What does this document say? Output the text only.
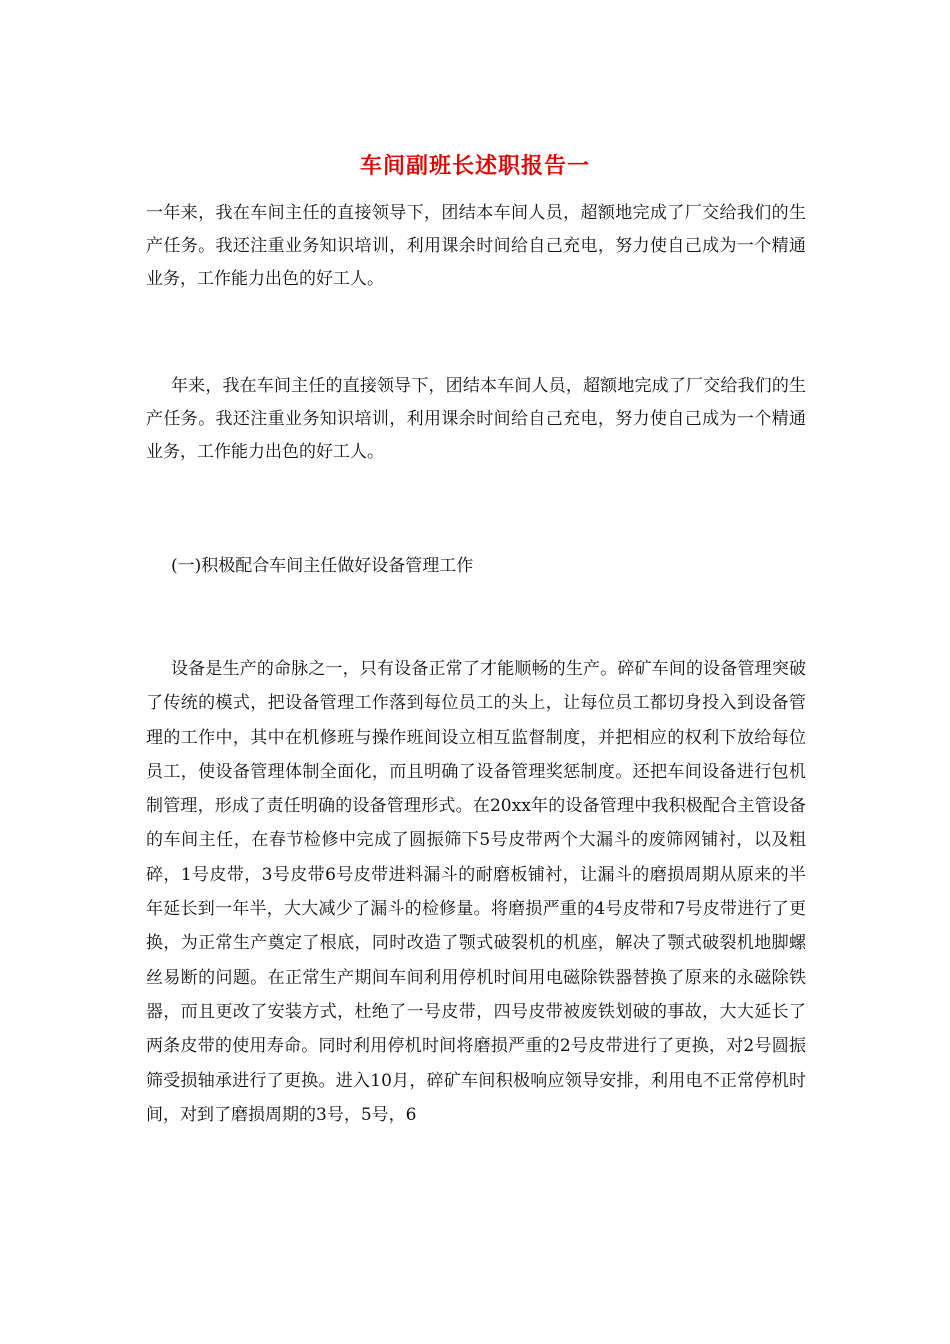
车间副班长述职报告一

一年来，我在车间主任的直接领导下，团结本车间人员，超额地完成了厂交给我们的生产任务。我还注重业务知识培训，利用课余时间给自己充电，努力使自己成为一个精通业务，工作能力出色的好工人。

年来，我在车间主任的直接领导下，团结本车间人员，超额地完成了厂交给我们的生产任务。我还注重业务知识培训，利用课余时间给自己充电，努力使自己成为一个精通业务，工作能力出色的好工人。

(一)积极配合车间主任做好设备管理工作

设备是生产的命脉之一，只有设备正常了才能顺畅的生产。碎矿车间的设备管理突破了传统的模式，把设备管理工作落到每位员工的头上，让每位员工都切身投入到设备管理的工作中，其中在机修班与操作班间设立相互监督制度，并把相应的权利下放给每位员工，使设备管理体制全面化，而且明确了设备管理奖惩制度。还把车间设备进行包机制管理，形成了责任明确的设备管理形式。在20xx年的设备管理中我积极配合主管设备的车间主任，在春节检修中完成了圆振筛下5号皮带两个大漏斗的废筛网铺衬，以及粗碎，1号皮带，3号皮带6号皮带进料漏斗的耐磨板铺衬，让漏斗的磨损周期从原来的半年延长到一年半，大大减少了漏斗的检修量。将磨损严重的4号皮带和7号皮带进行了更换，为正常生产奠定了根底，同时改造了颚式破裂机的机座，解决了颚式破裂机地脚螺丝易断的问题。在正常生产期间车间利用停机时间用电磁除铁器替换了原来的永磁除铁器，而且更改了安装方式，杜绝了一号皮带，四号皮带被废铁划破的事故，大大延长了两条皮带的使用寿命。同时利用停机时间将磨损严重的2号皮带进行了更换，对2号圆振筛受损轴承进行了更换。进入10月，碎矿车间积极响应领导安排，利用电不正常停机时间，对到了磨损周期的3号，5号，6
